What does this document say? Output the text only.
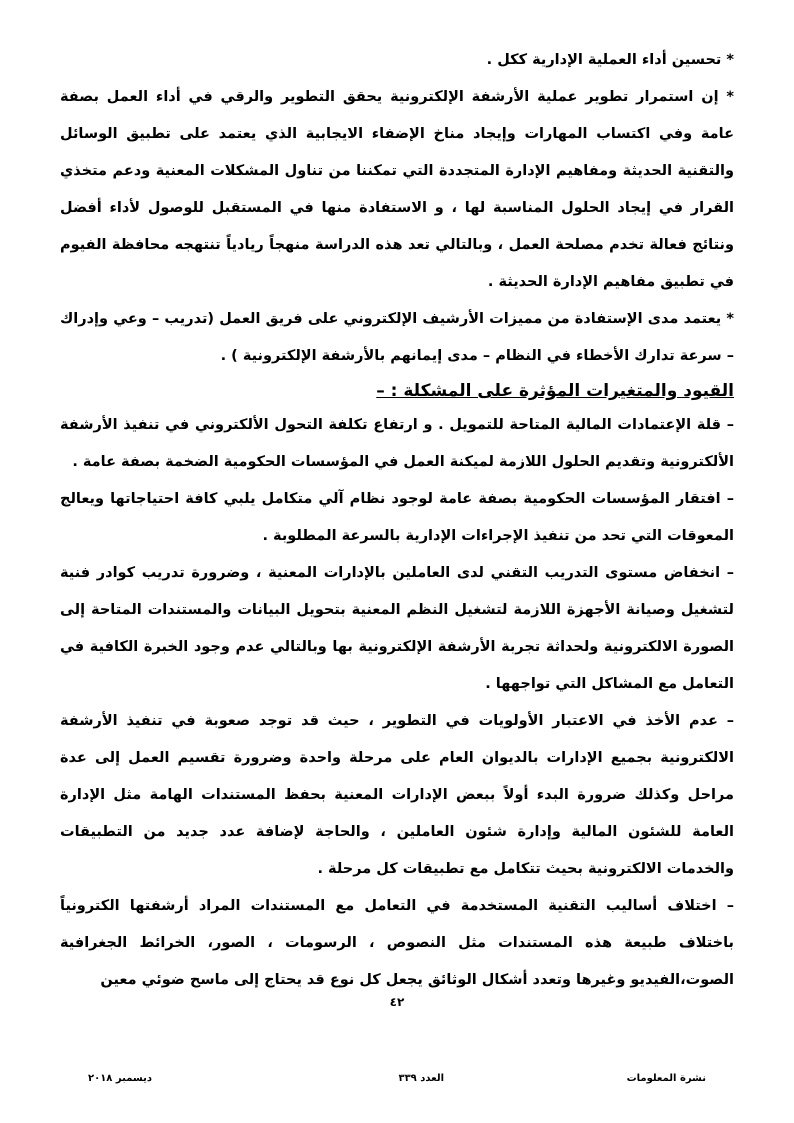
* تحسين أداء العملية الإدارية ككل .

* إن استمرار تطوير عملية الأرشفة الإلكترونية يحقق التطوير والرقي في أداء العمل بصفة عامة وفي اكتساب المهارات وإيجاد مناخ الإضفاء الايجابية الذي يعتمد على تطبيق الوسائل والتقنية الحديثة ومفاهيم الإدارة المتجددة التي تمكننا من تناول المشكلات المعنية ودعم متخذي القرار في إيجاد الحلول المناسبة لها ، و الاستفادة منها في المستقبل للوصول لأداء أفضل ونتائج فعالة تخدم مصلحة العمل ، وبالتالي تعد هذه الدراسة منهجاً ريادياً تنتهجه محافظة الفيوم في تطبيق مفاهيم الإدارة الحديثة .

* يعتمد مدى الإستفادة من مميزات الأرشيف الإلكتروني على فريق العمل (تدريب – وعي وإدراك – سرعة تدارك الأخطاء في النظام – مدى إيمانهم بالأرشفة الإلكترونية ) .

القيود والمتغيرات المؤثرة على المشكلة : –

– قلة الإعتمادات المالية المتاحة للتمويل . و ارتفاع تكلفة التحول الألكتروني في تنفيذ الأرشفة الألكترونية وتقديم الحلول اللازمة لميكنة العمل في المؤسسات الحكومية الضخمة بصفة عامة .

– افتقار المؤسسات الحكومية بصفة عامة لوجود نظام آلي متكامل يلبي كافة احتياجاتها ويعالج المعوقات التي تحد من تنفيذ الإجراءات الإدارية بالسرعة المطلوبة .

– انخفاض مستوى التدريب التقني لدى العاملين بالإدارات المعنية ، وضرورة تدريب كوادر فنية لتشغيل وصيانة الأجهزة اللازمة لتشغيل النظم المعنية بتحويل البيانات والمستندات المتاحة إلى الصورة الالكترونية ولحداثة تجربة الأرشفة الإلكترونية بها وبالتالي عدم وجود الخبرة الكافية في التعامل مع المشاكل التي تواجهها .

– عدم الأخذ في الاعتبار الأولويات في التطوير ، حيث قد توجد صعوبة في تنفيذ الأرشفة الالكترونية بجميع الإدارات بالديوان العام على مرحلة واحدة وضرورة تقسيم العمل إلى عدة مراحل وكذلك ضرورة البدء أولاً ببعض الإدارات المعنية بحفظ المستندات الهامة مثل الإدارة العامة للشئون المالية وإدارة شئون العاملين ، والحاجة لإضافة عدد جديد من التطبيقات والخدمات الالكترونية بحيث تتكامل مع تطبيقات كل مرحلة .

– اختلاف أساليب التقنية المستخدمة في التعامل مع المستندات المراد أرشفتها الكترونياً باختلاف طبيعة هذه المستندات مثل النصوص ، الرسومات ، الصور، الخرائط الجغرافية الصوت،الفيديو وغيرها وتعدد أشكال الوثائق يجعل كل نوع قد يحتاج إلى ماسح ضوئي معين

٤٢
نشرة المعلومات
العدد ٣٣٩
ديسمبر ٢٠١٨
